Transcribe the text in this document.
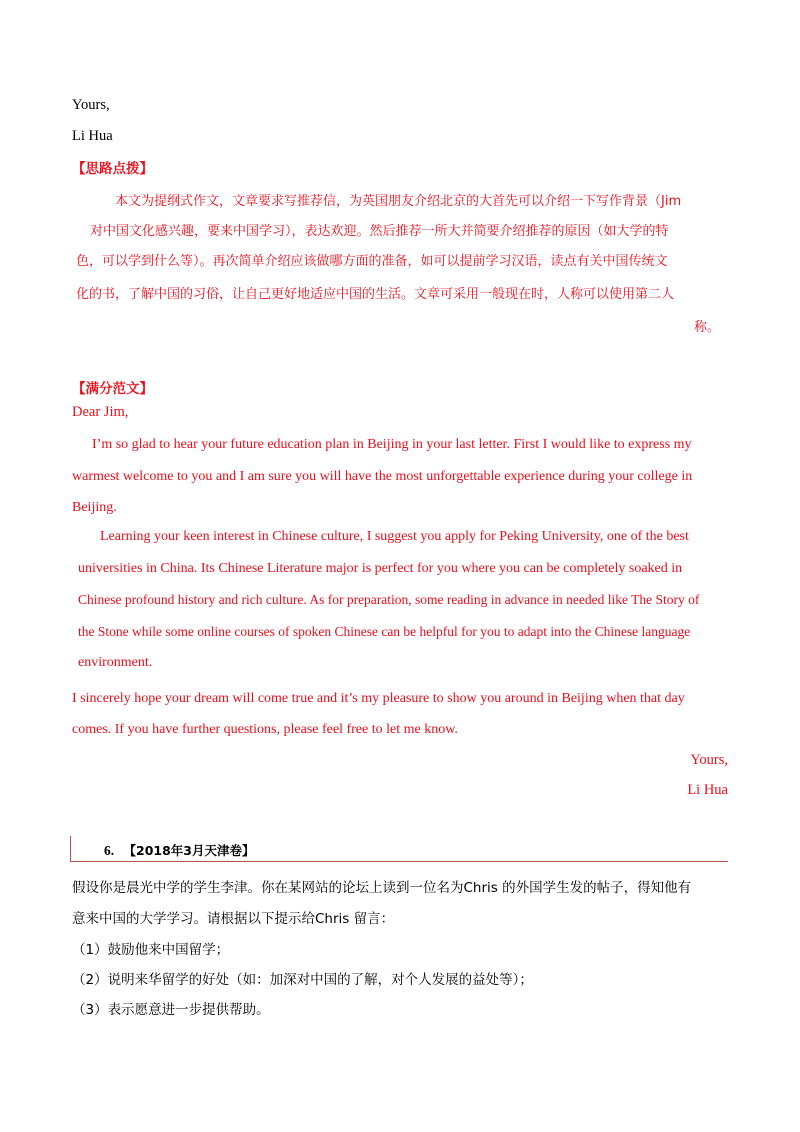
Yours,
Li Hua
【思路点拨】
本文为提纲式作文，文章要求写推荐信，为英国朋友介绍北京的大首先可以介绍一下写作背景（Jim
对中国文化感兴趣，要来中国学习），表达欢迎。然后推荐一所大并简要介绍推荐的原因（如大学的特
色，可以学到什么等）。再次简单介绍应该做哪方面的准备，如可以提前学习汉语，读点有关中国传统文
化的书，了解中国的习俗，让自己更好地适应中国的生活。文章可采用一般现在时，人称可以使用第二人
称。
【满分范文】
Dear Jim,
I’m so glad to hear your future education plan in Beijing in your last letter. First I would like to express my
warmest welcome to you and I am sure you will have the most unforgettable experience during your college in
Beijing.
Learning your keen interest in Chinese culture, I suggest you apply for Peking University, one of the best
universities in China. Its Chinese Literature major is perfect for you where you can be completely soaked in
Chinese profound history and rich culture. As for preparation, some reading in advance in needed like The Story of
the Stone while some online courses of spoken Chinese can be helpful for you to adapt into the Chinese language
environment.
I sincerely hope your dream will come true and it’s my pleasure to show you around in Beijing when that day
comes. If you have further questions, please feel free to let me know.
Yours,
Li Hua
6. 【2018年3月天津卷】
假设你是晨光中学的学生李津。你在某网站的论坛上读到一位名为Chris 的外国学生发的帖子，得知他有
意来中国的大学学习。请根据以下提示给Chris 留言：
（1）鼓励他来中国留学；
（2）说明来华留学的好处（如：加深对中国的了解，对个人发展的益处等）；
（3）表示愿意进一步提供帮助。
